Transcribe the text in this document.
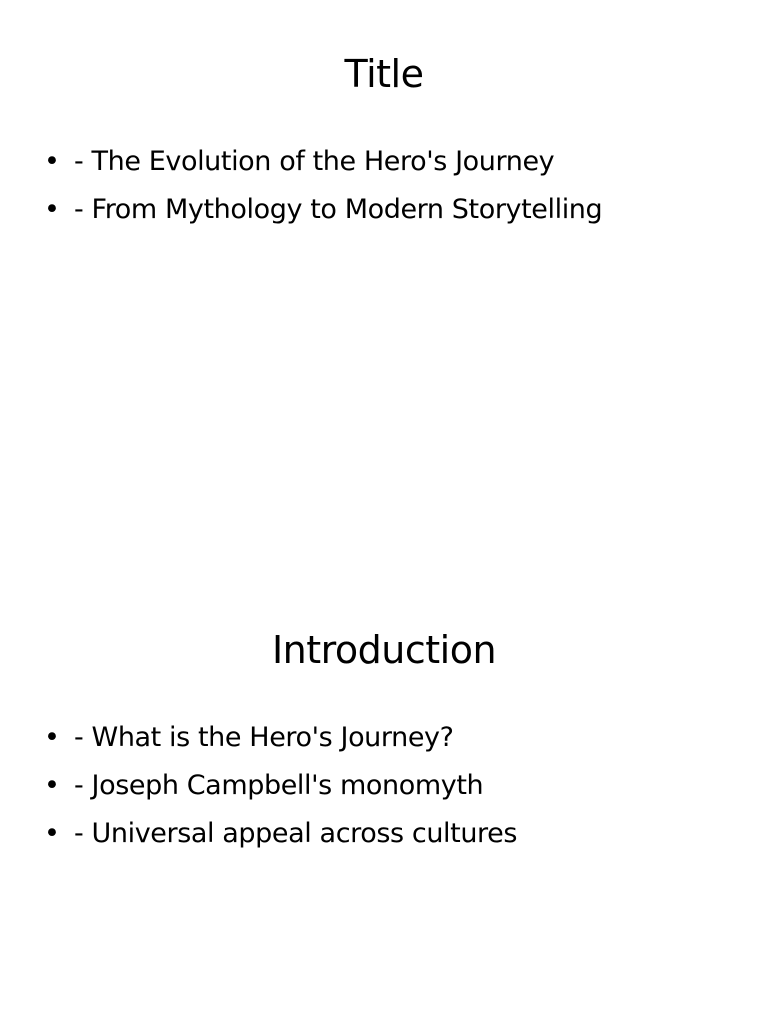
Title
• - The Evolution of the Hero's Journey
• - From Mythology to Modern Storytelling
Introduction
• - What is the Hero's Journey?
• - Joseph Campbell's monomyth
• - Universal appeal across cultures
